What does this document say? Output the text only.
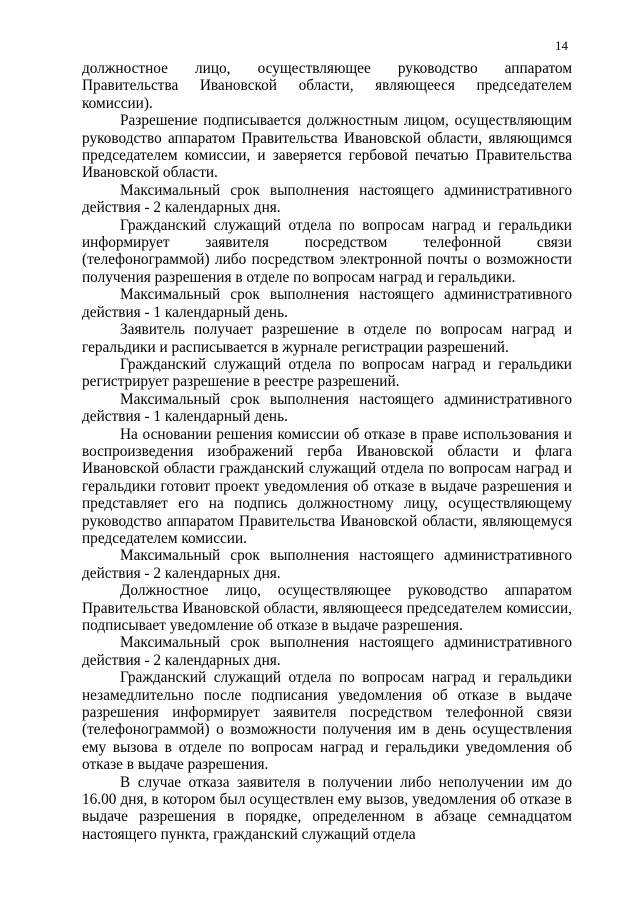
14

должностное лицо, осуществляющее руководство аппаратом Правительства Ивановской области, являющееся председателем комиссии).

Разрешение подписывается должностным лицом, осуществляющим руководство аппаратом Правительства Ивановской области, являющимся председателем комиссии, и заверяется гербовой печатью Правительства Ивановской области.

Максимальный срок выполнения настоящего административного действия - 2 календарных дня.

Гражданский служащий отдела по вопросам наград и геральдики информирует заявителя посредством телефонной связи (телефонограммой) либо посредством электронной почты о возможности получения разрешения в отделе по вопросам наград и геральдики.

Максимальный срок выполнения настоящего административного действия - 1 календарный день.

Заявитель получает разрешение в отделе по вопросам наград и геральдики и расписывается в журнале регистрации разрешений.

Гражданский служащий отдела по вопросам наград и геральдики регистрирует разрешение в реестре разрешений.

Максимальный срок выполнения настоящего административного действия - 1 календарный день.

На основании решения комиссии об отказе в праве использования и воспроизведения изображений герба Ивановской области и флага Ивановской области гражданский служащий отдела по вопросам наград и геральдики готовит проект уведомления об отказе в выдаче разрешения и представляет его на подпись должностному лицу, осуществляющему руководство аппаратом Правительства Ивановской области, являющемуся председателем комиссии.

Максимальный срок выполнения настоящего административного действия - 2 календарных дня.

Должностное лицо, осуществляющее руководство аппаратом Правительства Ивановской области, являющееся председателем комиссии, подписывает уведомление об отказе в выдаче разрешения.

Максимальный срок выполнения настоящего административного действия - 2 календарных дня.

Гражданский служащий отдела по вопросам наград и геральдики незамедлительно после подписания уведомления об отказе в выдаче разрешения информирует заявителя посредством телефонной связи (телефонограммой) о возможности получения им в день осуществления ему вызова в отделе по вопросам наград и геральдики уведомления об отказе в выдаче разрешения.

В случае отказа заявителя в получении либо неполучении им до 16.00 дня, в котором был осуществлен ему вызов, уведомления об отказе в выдаче разрешения в порядке, определенном в абзаце семнадцатом настоящего пункта, гражданский служащий отдела
